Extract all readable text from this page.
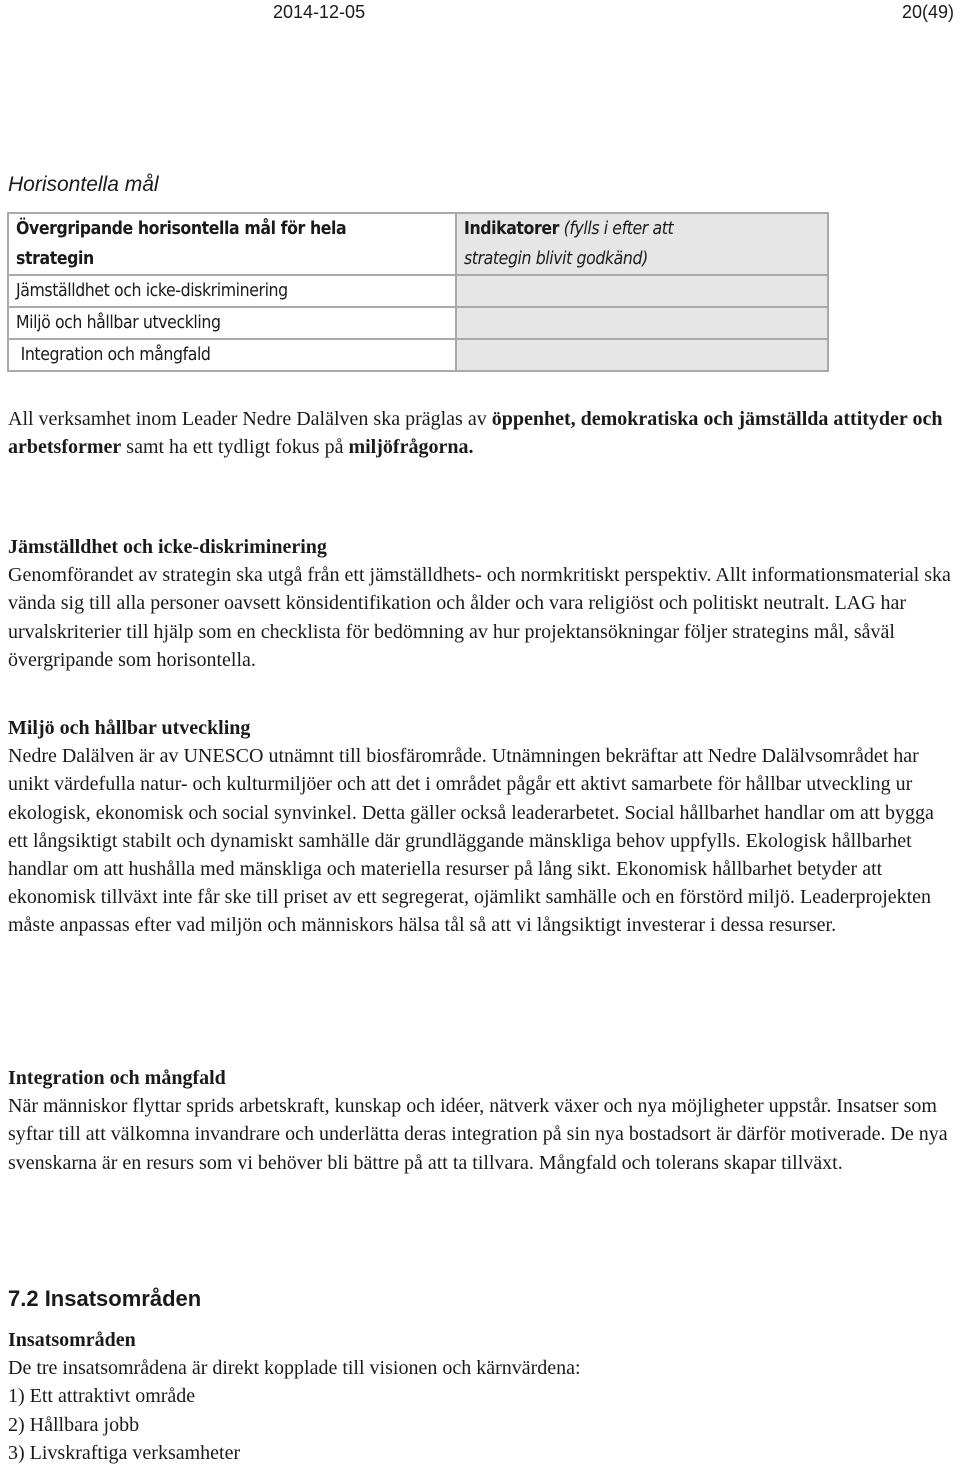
2014-12-05	20(49)
Horisontella mål
Övergripande horisontella mål för hela
strategin	Indikatorer (fylls i efter att
strategin blivit godkänd)

Jämställdhet och icke-diskriminering	

Miljö och hållbar utveckling	

Integration och mångfald	

All verksamhet inom Leader Nedre Dalälven ska präglas av öppenhet, demokratiska och jämställda attityder och arbetsformer samt ha ett tydligt fokus på miljöfrågorna.

Jämställdhet och icke-diskriminering

Genomförandet av strategin ska utgå från ett jämställdhets- och normkritiskt perspektiv. Allt informationsmaterial ska vända sig till alla personer oavsett könsidentifikation och ålder och vara religiöst och politiskt neutralt. LAG har urvalskriterier till hjälp som en checklista för bedömning av hur projektansökningar följer strategins mål, såväl övergripande som horisontella.

Miljö och hållbar utveckling

Nedre Dalälven är av UNESCO utnämnt till biosfärområde. Utnämningen bekräftar att Nedre Dalälvsområdet har unikt värdefulla natur- och kulturmiljöer och att det i området pågår ett aktivt samarbete för hållbar utveckling ur ekologisk, ekonomisk och social synvinkel. Detta gäller också leaderarbetet. Social hållbarhet handlar om att bygga ett långsiktigt stabilt och dynamiskt samhälle där grundläggande mänskliga behov uppfylls. Ekologisk hållbarhet handlar om att hushålla med mänskliga och materiella resurser på lång sikt. Ekonomisk hållbarhet betyder att ekonomisk tillväxt inte får ske till priset av ett segregerat, ojämlikt samhälle och en förstörd miljö. Leaderprojekten måste anpassas efter vad miljön och människors hälsa tål så att vi långsiktigt investerar i dessa resurser.

Integration och mångfald

När människor flyttar sprids arbetskraft, kunskap och idéer, nätverk växer och nya möjligheter uppstår. Insatser som syftar till att välkomna invandrare och underlätta deras integration på sin nya bostadsort är därför motiverade. De nya svenskarna är en resurs som vi behöver bli bättre på att ta tillvara. Mångfald och tolerans skapar tillväxt.

7.2 Insatsområden
Insatsområden

De tre insatsområdena är direkt kopplade till visionen och kärnvärdena:

1) Ett attraktivt område

2) Hållbara jobb

3) Livskraftiga verksamheter
